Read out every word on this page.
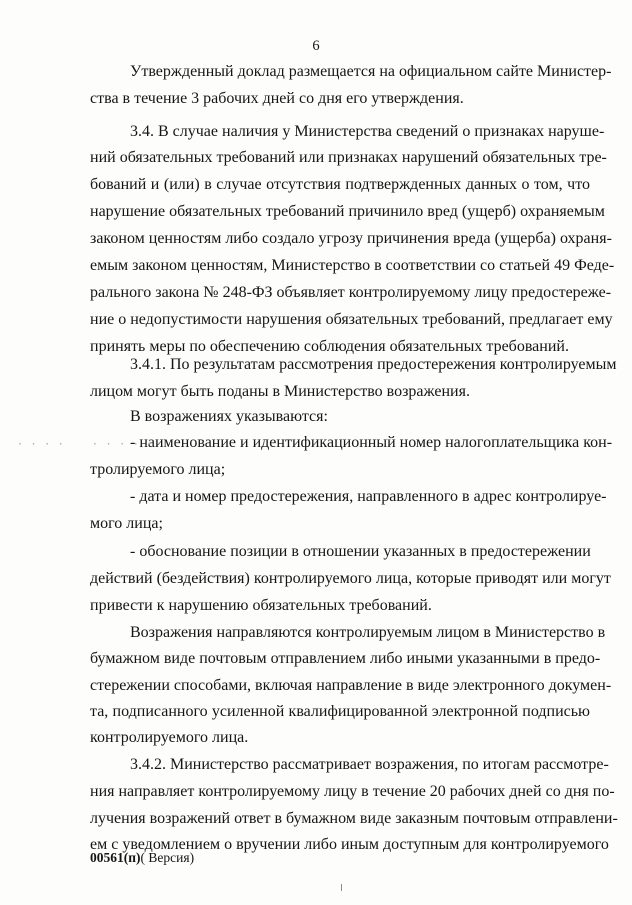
6
Утвержденный доклад размещается на официальном сайте Министер-
ства в течение 3 рабочих дней со дня его утверждения.
3.4. В случае наличия у Министерства сведений о признаках наруше-
ний обязательных требований или признаках нарушений обязательных тре-
бований и (или) в случае отсутствия подтвержденных данных о том, что
нарушение обязательных требований причинило вред (ущерб) охраняемым
законом ценностям либо создало угрозу причинения вреда (ущерба) охраня-
емым законом ценностям, Министерство в соответствии со статьей 49 Феде-
рального закона № 248-ФЗ объявляет контролируемому лицу предостереже-
ние о недопустимости нарушения обязательных требований, предлагает ему
принять меры по обеспечению соблюдения обязательных требований.
3.4.1. По результатам рассмотрения предостережения контролируемым
лицом могут быть поданы в Министерство возражения.
В возражениях указываются:
- наименование и идентификационный номер налогоплательщика кон-
тролируемого лица;
- дата и номер предостережения, направленного в адрес контролируе-
мого лица;
- обоснование позиции в отношении указанных в предостережении
действий (бездействия) контролируемого лица, которые приводят или могут
привести к нарушению обязательных требований.
Возражения направляются контролируемым лицом в Министерство в
бумажном виде почтовым отправлением либо иными указанными в предо-
стережении способами, включая направление в виде электронного докумен-
та, подписанного усиленной квалифицированной электронной подписью
контролируемого лица.
3.4.2. Министерство рассматривает возражения, по итогам рассмотре-
ния направляет контролируемому лицу в течение 20 рабочих дней со дня по-
лучения возражений ответ в бумажном виде заказным почтовым отправлени-
ем с уведомлением о вручении либо иным доступным для контролируемого
· · · ·    · · · · ·
00561(п)( Версия)
